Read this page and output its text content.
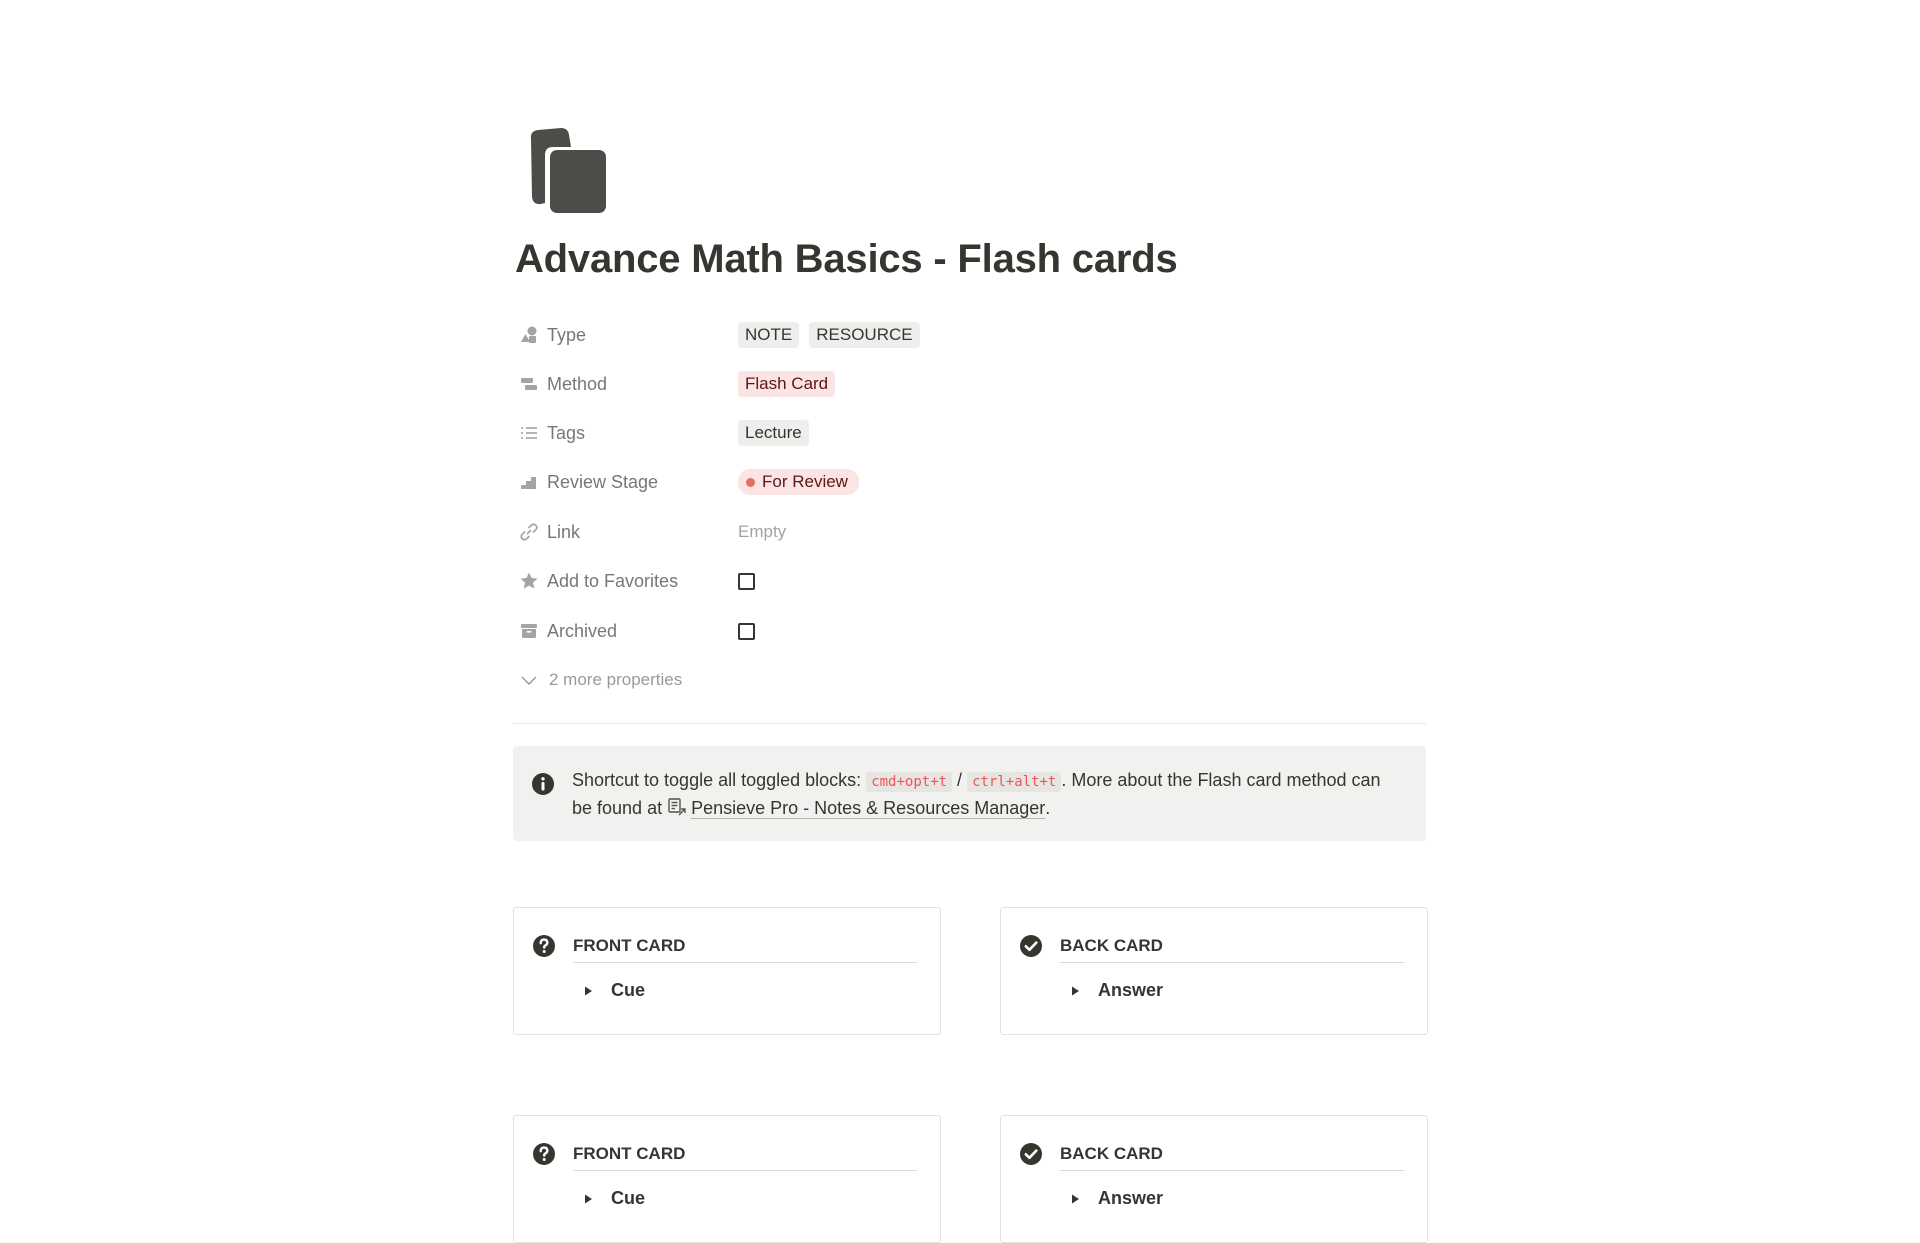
Advance Math Basics - Flash cards
Type	NOTE	RESOURCE
Method	Flash Card
Tags	Lecture
Review Stage	For Review
Link	Empty
Add to Favorites
Archived
2 more properties
Shortcut to toggle all toggled blocks: cmd+opt+t / ctrl+alt+t . More about the Flash card method can be found at Pensieve Pro - Notes & Resources Manager.
FRONT CARD
Cue
BACK CARD
Answer
FRONT CARD
Cue
BACK CARD
Answer
